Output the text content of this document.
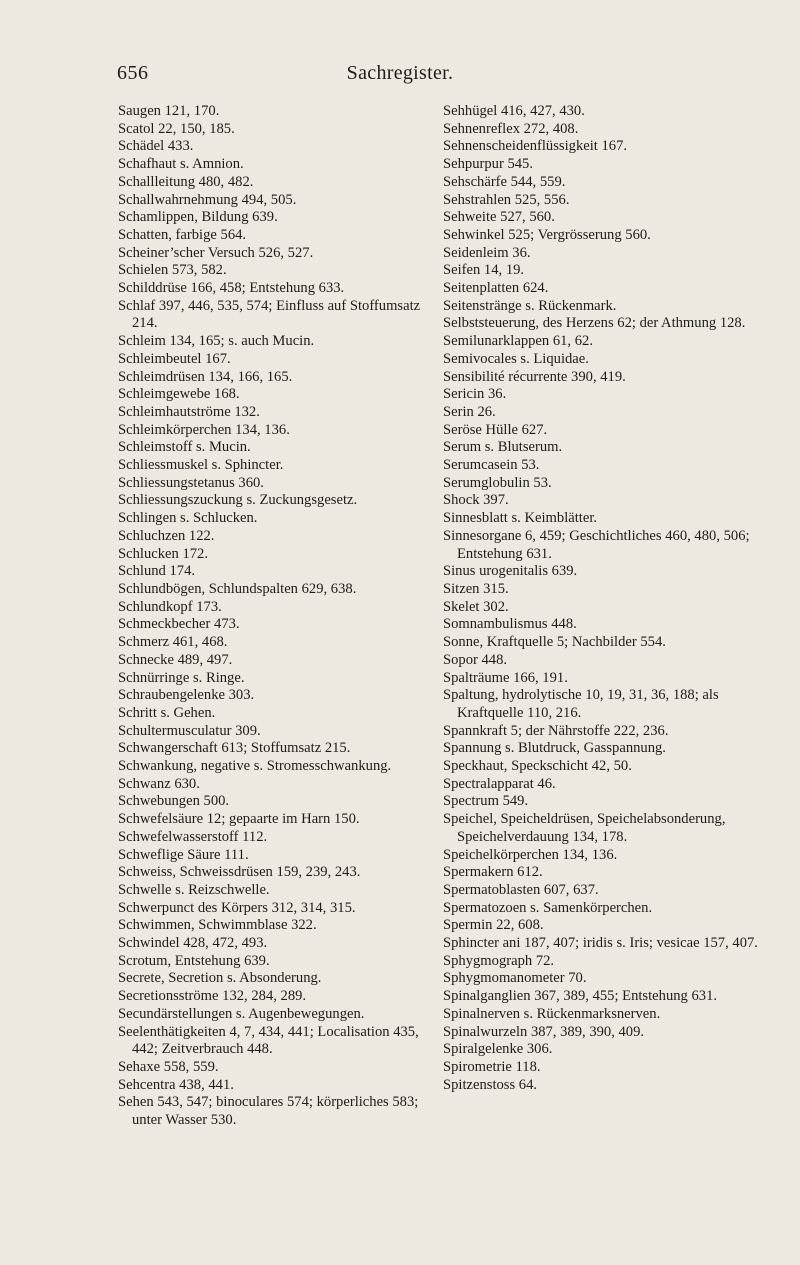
656	Sachregister.
Saugen 121, 170.
Scatol 22, 150, 185.
Schädel 433.
Schafhaut s. Amnion.
Schallleitung 480, 482.
Schallwahrnehmung 494, 505.
Schamlippen, Bildung 639.
Schatten, farbige 564.
Scheiner’scher Versuch 526, 527.
Schielen 573, 582.
Schilddrüse 166, 458; Entstehung 633.
Schlaf 397, 446, 535, 574; Einfluss auf Stoffumsatz 214.
Schleim 134, 165; s. auch Mucin.
Schleimbeutel 167.
Schleimdrüsen 134, 166, 165.
Schleimgewebe 168.
Schleimhautströme 132.
Schleimkörperchen 134, 136.
Schleimstoff s. Mucin.
Schliessmuskel s. Sphincter.
Schliessungstetanus 360.
Schliessungszuckung s. Zuckungsgesetz.
Schlingen s. Schlucken.
Schluchzen 122.
Schlucken 172.
Schlund 174.
Schlundbögen, Schlundspalten 629, 638.
Schlundkopf 173.
Schmeckbecher 473.
Schmerz 461, 468.
Schnecke 489, 497.
Schnürringe s. Ringe.
Schraubengelenke 303.
Schritt s. Gehen.
Schultermusculatur 309.
Schwangerschaft 613; Stoffumsatz 215.
Schwankung, negative s. Stromesschwankung.
Schwanz 630.
Schwebungen 500.
Schwefelsäure 12; gepaarte im Harn 150.
Schwefelwasserstoff 112.
Schweflige Säure 111.
Schweiss, Schweissdrüsen 159, 239, 243.
Schwelle s. Reizschwelle.
Schwerpunct des Körpers 312, 314, 315.
Schwimmen, Schwimmblase 322.
Schwindel 428, 472, 493.
Scrotum, Entstehung 639.
Secrete, Secretion s. Absonderung.
Secretionsströme 132, 284, 289.
Secundärstellungen s. Augenbewegungen.
Seelenthätigkeiten 4, 7, 434, 441; Localisation 435, 442; Zeitverbrauch 448.
Sehaxe 558, 559.
Sehcentra 438, 441.
Sehen 543, 547; binoculares 574; körperliches 583; unter Wasser 530.
Sehhügel 416, 427, 430.
Sehnenreflex 272, 408.
Sehnenscheidenflüssigkeit 167.
Sehpurpur 545.
Sehschärfe 544, 559.
Sehstrahlen 525, 556.
Sehweite 527, 560.
Sehwinkel 525; Vergrösserung 560.
Seidenleim 36.
Seifen 14, 19.
Seitenplatten 624.
Seitenstränge s. Rückenmark.
Selbststeuerung, des Herzens 62; der Athmung 128.
Semilunarklappen 61, 62.
Semivocales s. Liquidae.
Sensibilité récurrente 390, 419.
Sericin 36.
Serin 26.
Seröse Hülle 627.
Serum s. Blutserum.
Serumcasein 53.
Serumglobulin 53.
Shock 397.
Sinnesblatt s. Keimblätter.
Sinnesorgane 6, 459; Geschichtliches 460, 480, 506; Entstehung 631.
Sinus urogenitalis 639.
Sitzen 315.
Skelet 302.
Somnambulismus 448.
Sonne, Kraftquelle 5; Nachbilder 554.
Sopor 448.
Spalträume 166, 191.
Spaltung, hydrolytische 10, 19, 31, 36, 188; als Kraftquelle 110, 216.
Spannkraft 5; der Nährstoffe 222, 236.
Spannung s. Blutdruck, Gasspannung.
Speckhaut, Speckschicht 42, 50.
Spectralapparat 46.
Spectrum 549.
Speichel, Speicheldrüsen, Speichelabsonderung, Speichelverdauung 134, 178.
Speichelkörperchen 134, 136.
Spermakern 612.
Spermatoblasten 607, 637.
Spermatozoen s. Samenkörperchen.
Spermin 22, 608.
Sphincter ani 187, 407; iridis s. Iris; vesicae 157, 407.
Sphygmograph 72.
Sphygmomanometer 70.
Spinalganglien 367, 389, 455; Entstehung 631.
Spinalnerven s. Rückenmarksnerven.
Spinalwurzeln 387, 389, 390, 409.
Spiralgelenke 306.
Spirometrie 118.
Spitzenstoss 64.
